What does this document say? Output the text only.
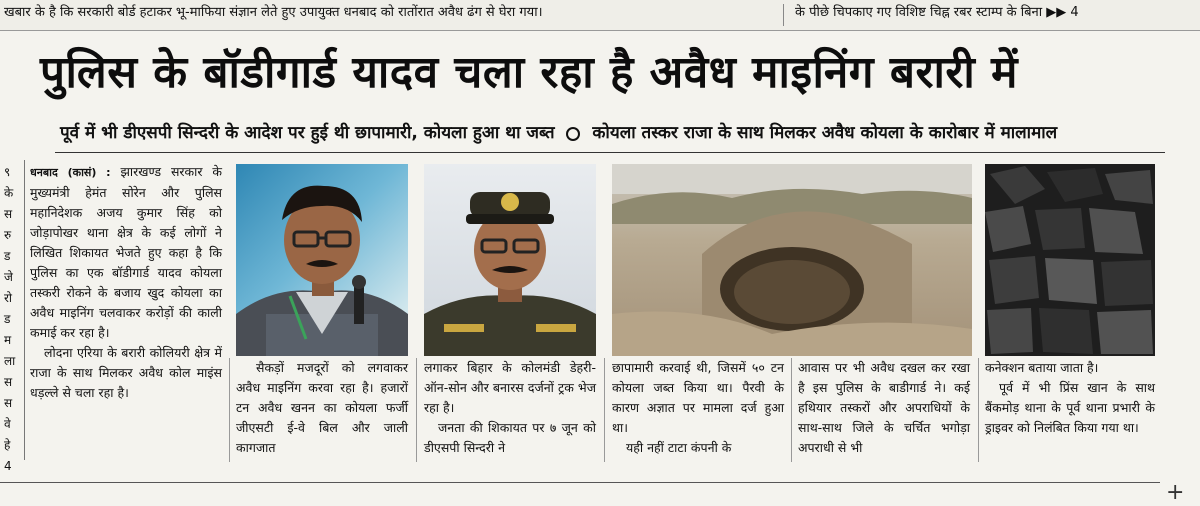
खबार के है कि सरकारी बोर्ड हटाकर भू-माफिया संज्ञान लेते हुए उपायुक्त धनबाद को रातोंरात अवैध ढंग से घेरा गया।	के पीछे चिपकाए गए विशिष्ट चिह्न रबर स्टाम्प के बिना ▶▶ 4
पुलिस के बॉडीगार्ड यादव चला रहा है अवैध माइनिंग बरारी में
पूर्व में भी डीएसपी सिन्दरी के आदेश पर हुई थी छापामारी, कोयला हुआ था जब्त कोयला तस्कर राजा के साथ मिलकर अवैध कोयला के कारोबार में मालामाल
९
के
स
रु
ड
जे
रो
ड
म
ला
स
स
वे
हे
4

धनबाद (कासं) : झारखण्ड सरकार के मुख्यमंत्री हेमंत सोरेन और पुलिस महानिदेशक अजय कुमार सिंह को जोड़ापोखर थाना क्षेत्र के कई लोगों ने लिखित शिकायत भेजते हुए कहा है कि पुलिस का एक बॉडीगार्ड यादव कोयला तस्करी रोकने के बजाय खुद कोयला का अवैध माइनिंग चलवाकर करोड़ों की काली कमाई कर रहा है।

लोदना एरिया के बरारी कोलियरी क्षेत्र में राजा के साथ मिलकर अवैध कोल माइंस धड़ल्ले से चला रहा है।

सैकड़ों मजदूरों को लगवाकर अवैध माइनिंग करवा रहा है। हजारों टन अवैध खनन का कोयला फर्जी जीएसटी ई-वे बिल और जाली कागजात

लगाकर बिहार के कोलमंडी डेहरी-ऑन-सोन और बनारस दर्जनों ट्रक भेज रहा है।

जनता की शिकायत पर ७ जून को डीएसपी सिन्दरी ने

छापामारी करवाई थी, जिसमें ५० टन कोयला जब्त किया था। पैरवी के कारण अज्ञात पर मामला दर्ज हुआ था।

यही नहीं टाटा कंपनी के

आवास पर भी अवैध दखल कर रखा है इस पुलिस के बाडीगार्ड ने। कई हथियार तस्करों और अपराधियों के साथ-साथ जिले के चर्चित भगोड़ा अपराधी से भी

कनेक्शन बताया जाता है।

पूर्व में भी प्रिंस खान के साथ बैंकमोड़ थाना के पूर्व थाना प्रभारी के ड्राइवर को निलंबित किया गया था।

+
